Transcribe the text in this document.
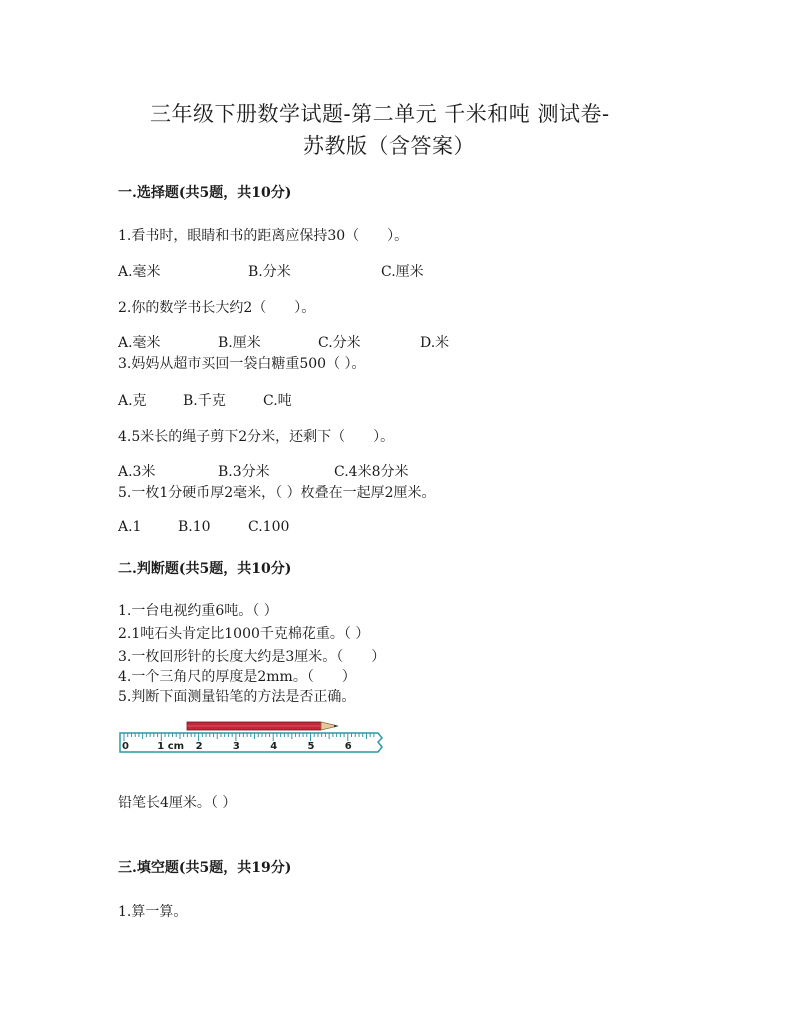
三年级下册数学试题-第二单元 千米和吨 测试卷-
苏教版（含答案）
一.选择题(共5题，共10分)
1.看书时，眼睛和书的距离应保持30（　　）。
A.毫米	B.分米	C.厘米
2.你的数学书长大约2（　　）。
A.毫米	B.厘米	C.分米	D.米
3.妈妈从超市买回一袋白糖重500（ ）。
A.克	B.千克	C.吨
4.5米长的绳子剪下2分米，还剩下（　　）。
A.3米	B.3分米	C.4米8分米
5.一枚1分硬币厚2毫米，（ ）枚叠在一起厚2厘米。
A.1	B.10	C.100
二.判断题(共5题，共10分)
1.一台电视约重6吨。（ ）
2.1吨石头肯定比1000千克棉花重。（ ）
3.一枚回形针的长度大约是3厘米。（　　）
4.一个三角尺的厚度是2mm。（　　）
5.判断下面测量铅笔的方法是否正确。
0	1 cm 2	3	4	5	6
铅笔长4厘米。（ ）
三.填空题(共5题，共19分)
1.算一算。
